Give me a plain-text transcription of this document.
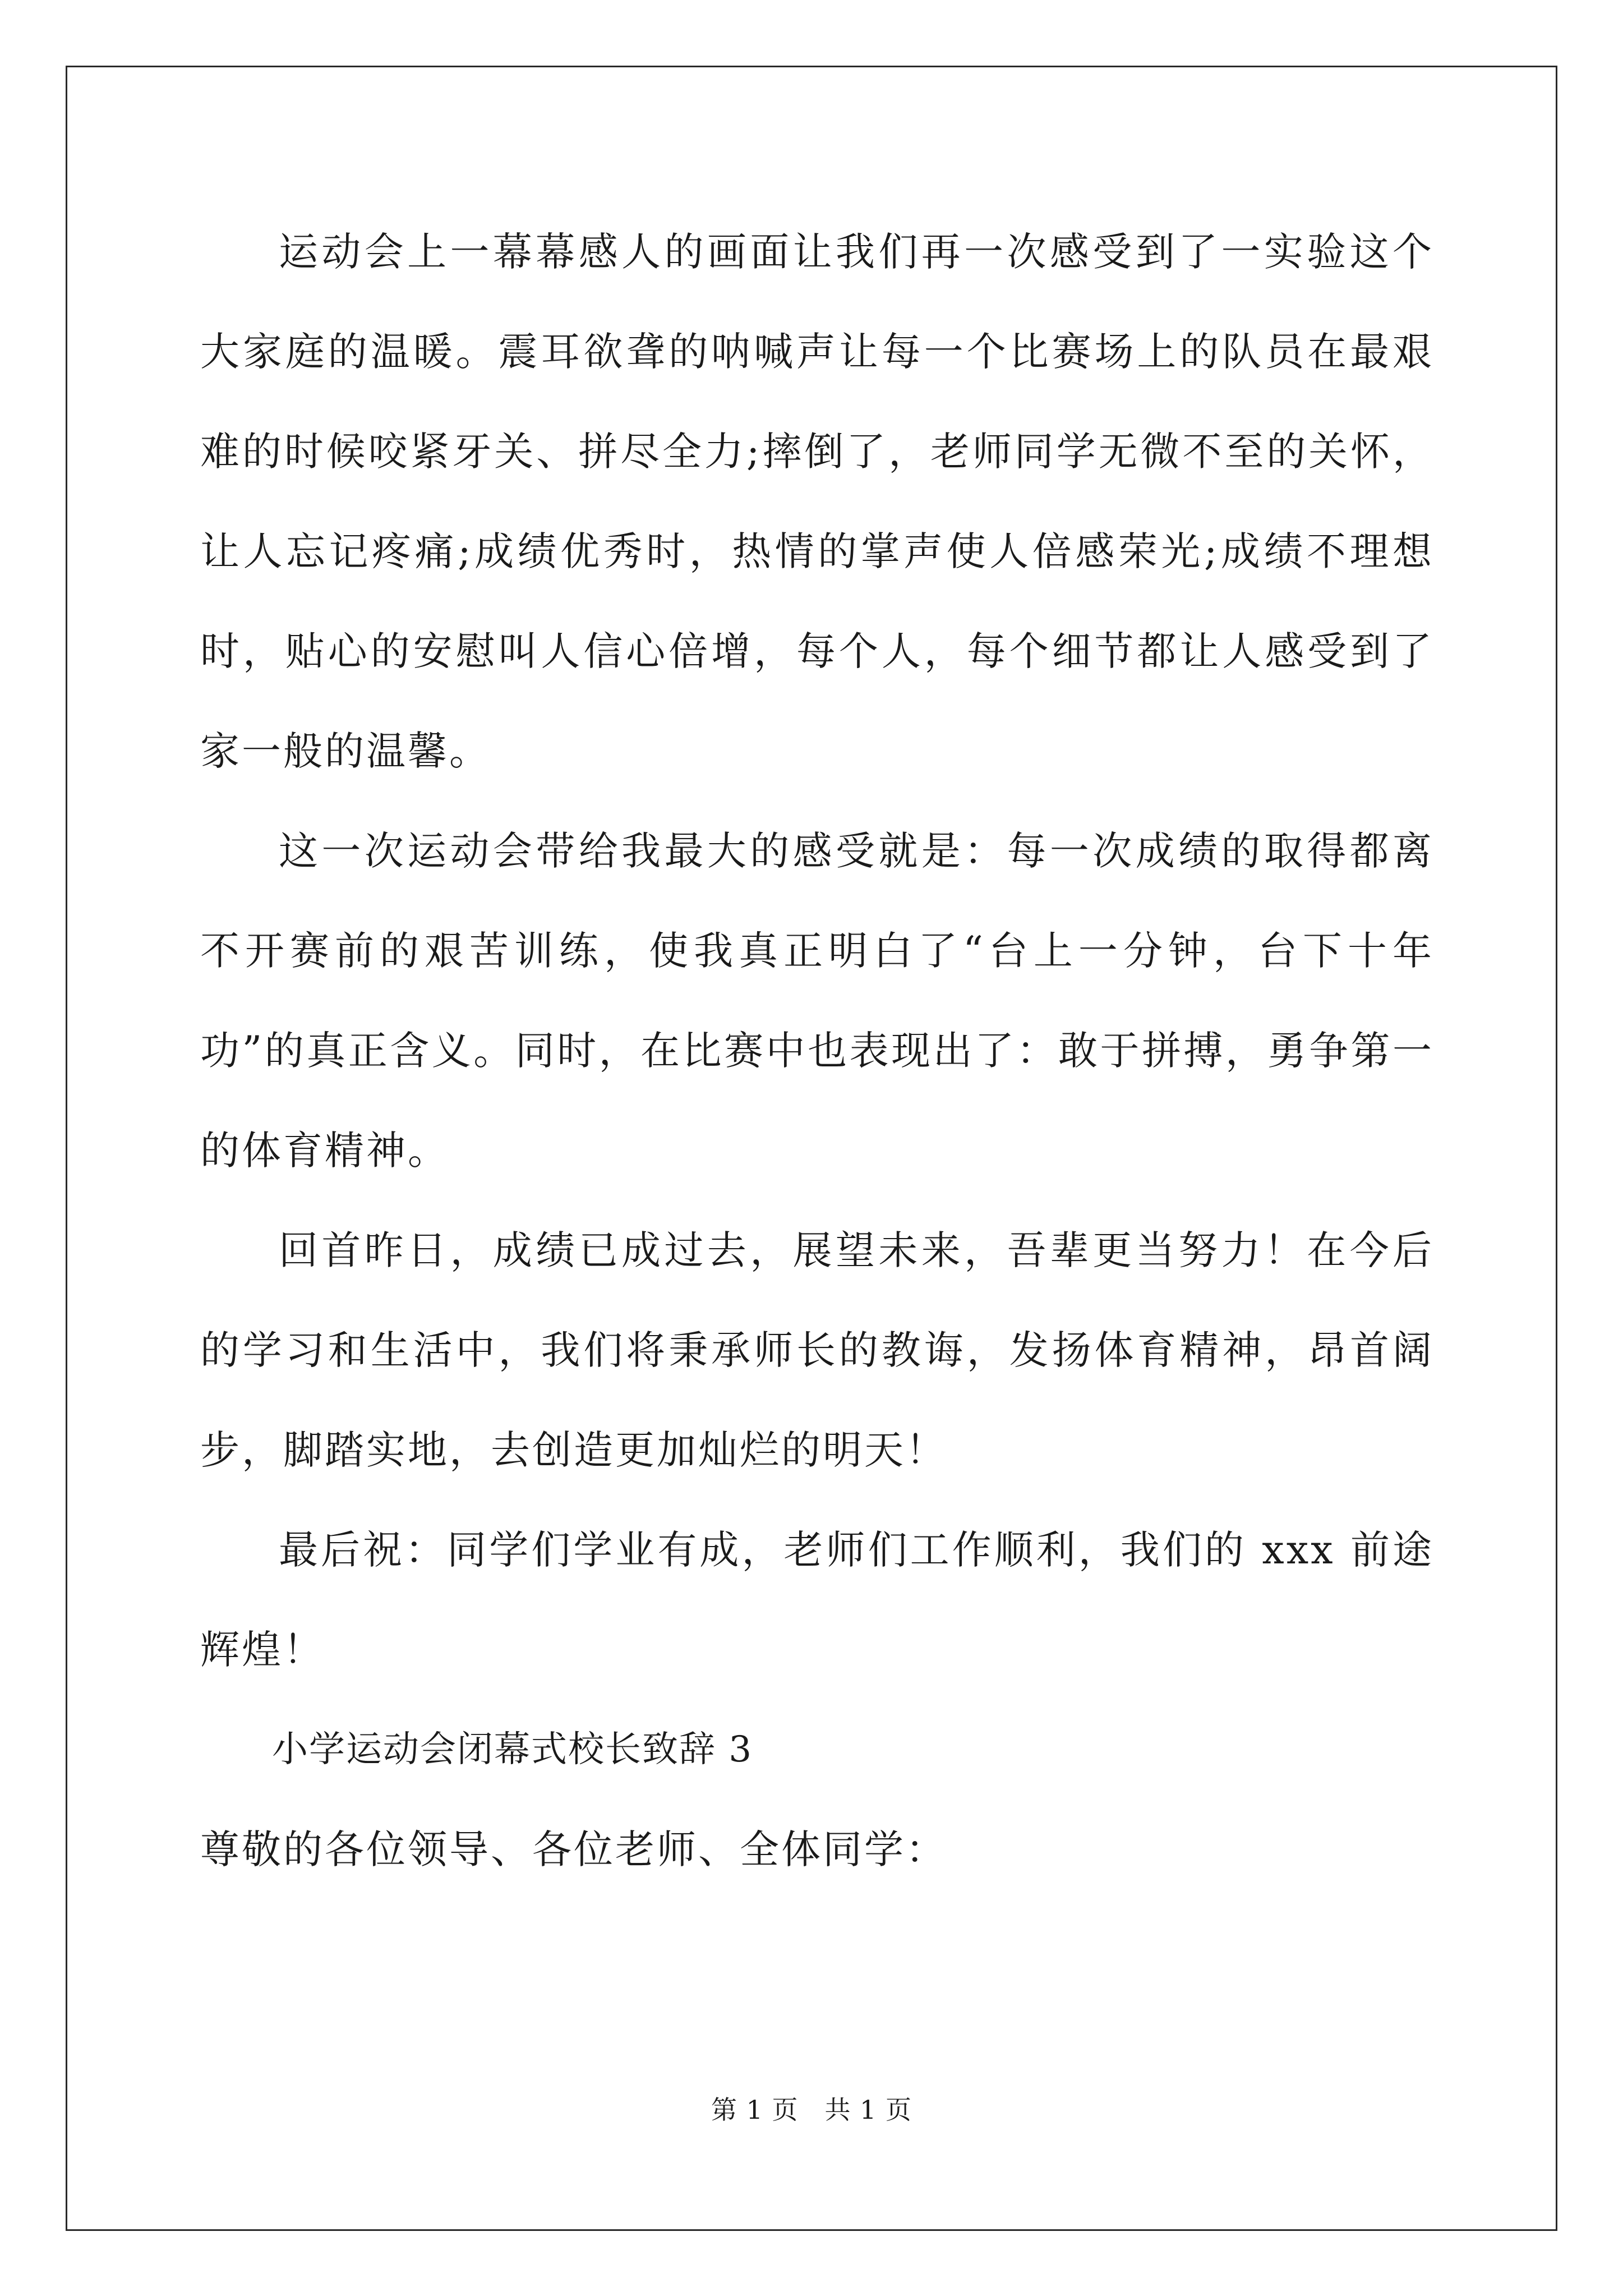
运动会上一幕幕感人的画面让我们再一次感受到了一实验这个大家庭的温暖。震耳欲聋的呐喊声让每一个比赛场上的队员在最艰难的时候咬紧牙关、拼尽全力;摔倒了，老师同学无微不至的关怀，让人忘记疼痛;成绩优秀时，热情的掌声使人倍感荣光;成绩不理想时，贴心的安慰叫人信心倍增，每个人，每个细节都让人感受到了家一般的温馨。

这一次运动会带给我最大的感受就是：每一次成绩的取得都离不开赛前的艰苦训练，使我真正明白了“台上一分钟，台下十年功”的真正含义。同时，在比赛中也表现出了：敢于拼搏，勇争第一的体育精神。

回首昨日，成绩已成过去，展望未来，吾辈更当努力！在今后的学习和生活中，我们将秉承师长的教诲，发扬体育精神，昂首阔步，脚踏实地，去创造更加灿烂的明天！

最后祝：同学们学业有成，老师们工作顺利，我们的 xxx 前途辉煌！

小学运动会闭幕式校长致辞 3

尊敬的各位领导、各位老师、全体同学：

第 1 页 共 1 页
